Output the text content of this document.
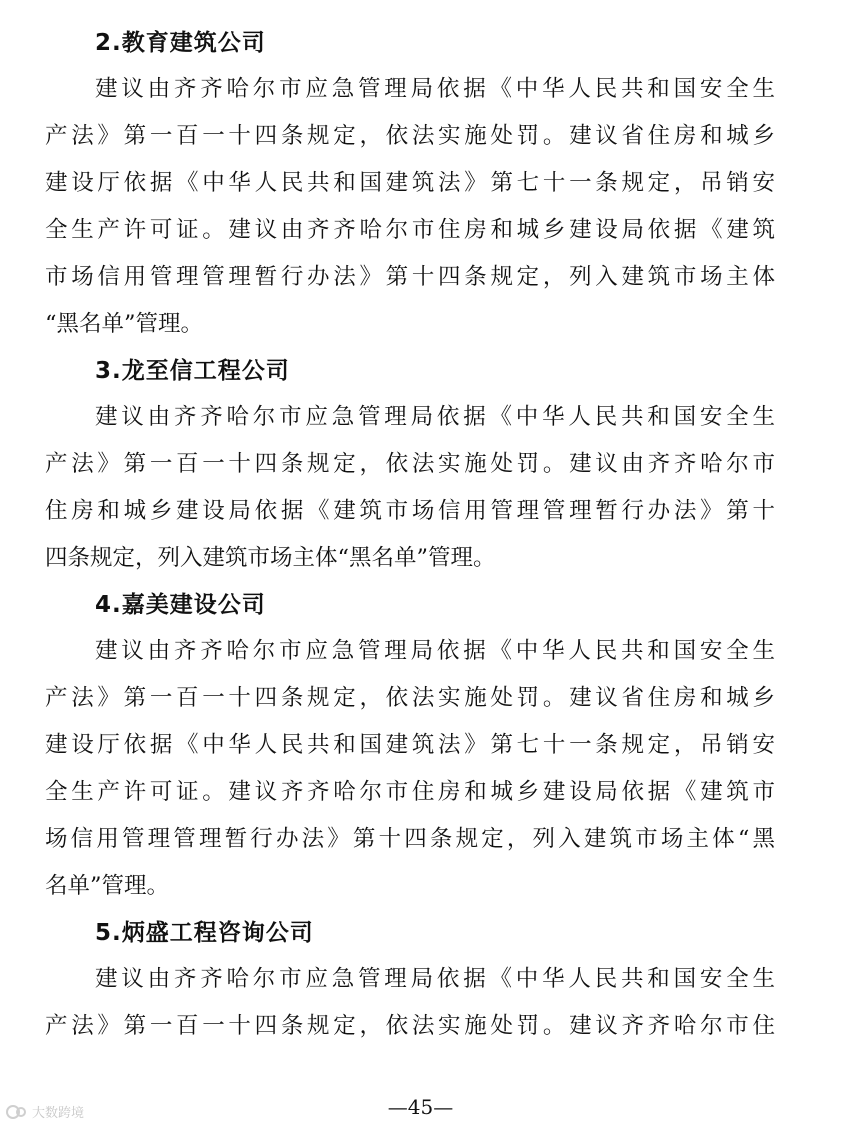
2.教育建筑公司
建议由齐齐哈尔市应急管理局依据《中华人民共和国安全生
产法》第一百一十四条规定，依法实施处罚。建议省住房和城乡
建设厅依据《中华人民共和国建筑法》第七十一条规定，吊销安
全生产许可证。建议由齐齐哈尔市住房和城乡建设局依据《建筑
市场信用管理管理暂行办法》第十四条规定，列入建筑市场主体
“黑名单”管理。
3.龙至信工程公司
建议由齐齐哈尔市应急管理局依据《中华人民共和国安全生
产法》第一百一十四条规定，依法实施处罚。建议由齐齐哈尔市
住房和城乡建设局依据《建筑市场信用管理管理暂行办法》第十
四条规定，列入建筑市场主体“黑名单”管理。
4.嘉美建设公司
建议由齐齐哈尔市应急管理局依据《中华人民共和国安全生
产法》第一百一十四条规定，依法实施处罚。建议省住房和城乡
建设厅依据《中华人民共和国建筑法》第七十一条规定，吊销安
全生产许可证。建议齐齐哈尔市住房和城乡建设局依据《建筑市
场信用管理管理暂行办法》第十四条规定，列入建筑市场主体“黑
名单”管理。
5.炳盛工程咨询公司
建议由齐齐哈尔市应急管理局依据《中华人民共和国安全生
产法》第一百一十四条规定，依法实施处罚。建议齐齐哈尔市住
—45—
大数跨境
